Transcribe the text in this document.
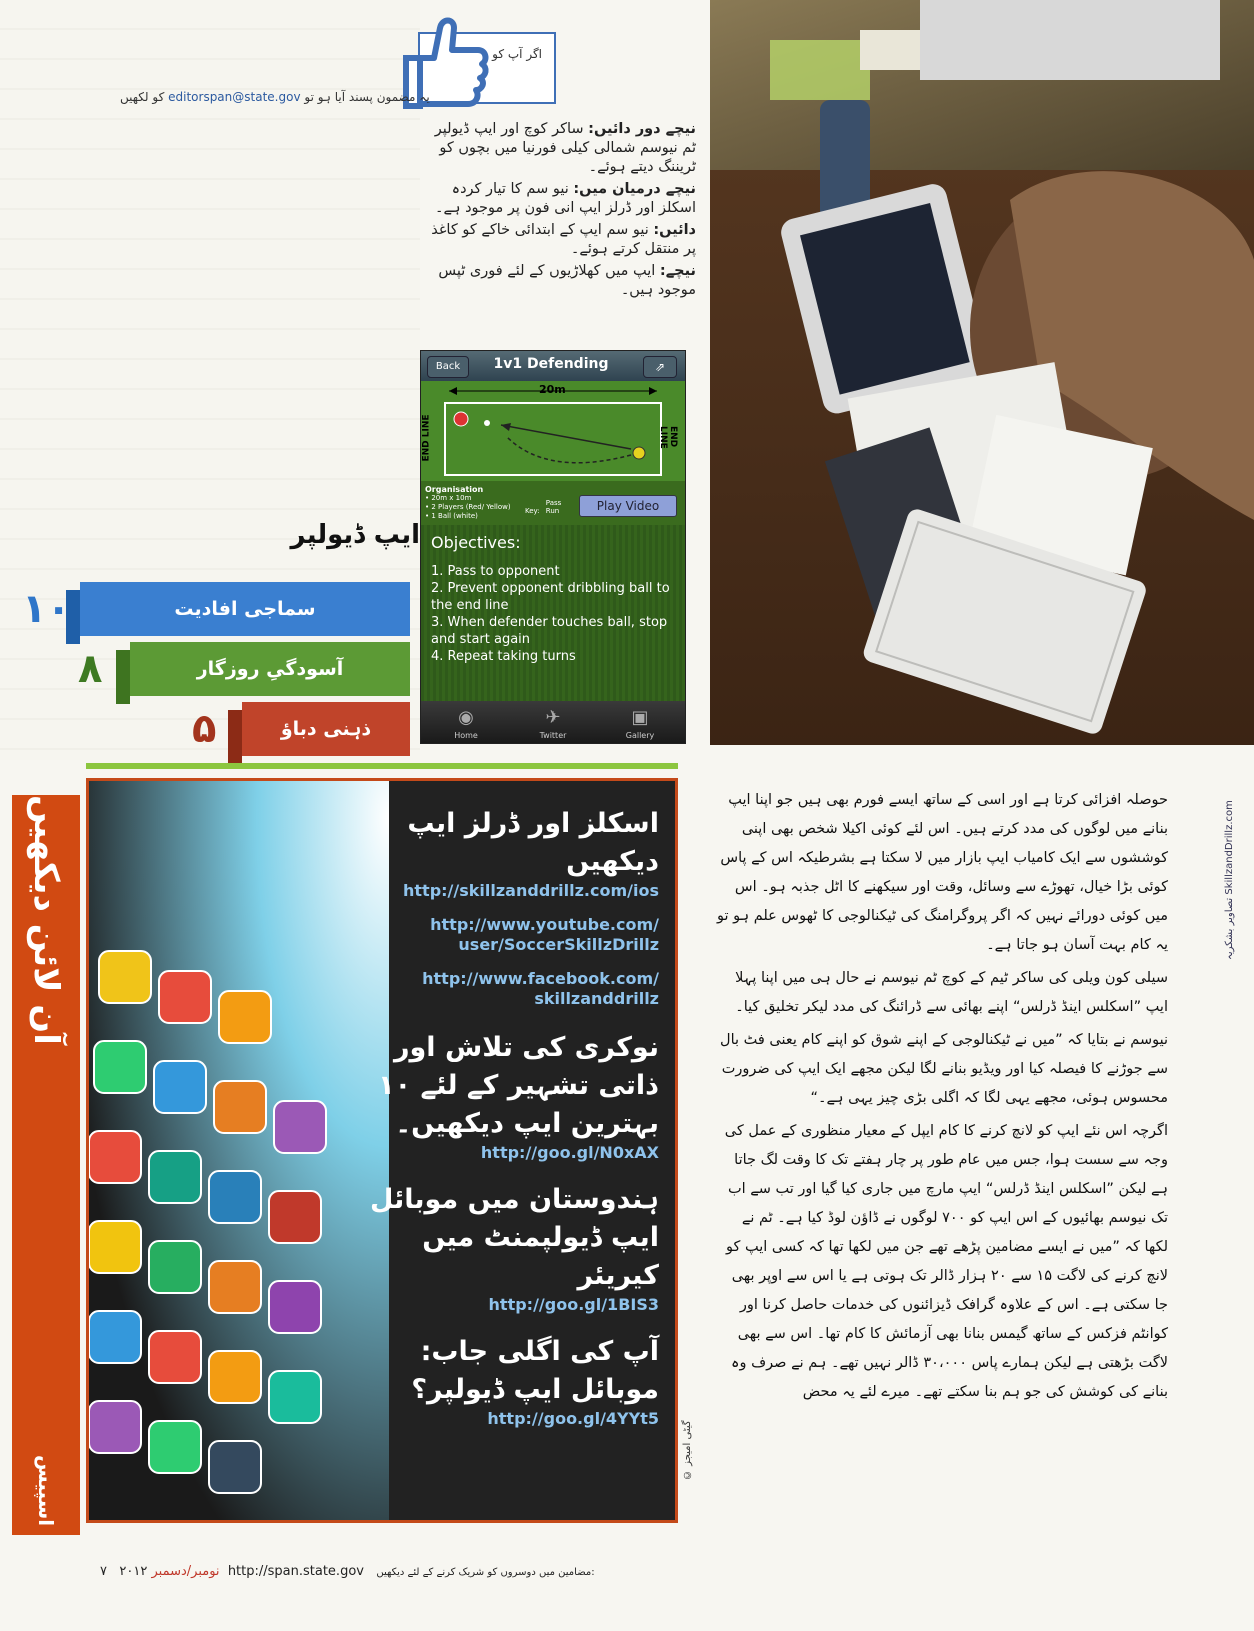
اگر آپ کو
کو لکھیں editorspan@state.gov یہ مضمون پسند آیا ہو تو

نیچے دور دائیں: ساکر کوچ اور ایپ ڈیولپر ٹم نیوسم شمالی کیلی فورنیا میں بچوں کو ٹریننگ دیتے ہوئے۔

نیچے درمیان میں: نیو سم کا تیار کردہ اسکلز اور ڈرلز ایپ انی فون پر موجود ہے۔

دائیں: نیو سم ایپ کے ابتدائی خاکے کو کاغذ پر منتقل کرتے ہوئے۔

نیچے: ایپ میں کھلاڑیوں کے لئے فوری ٹپس موجود ہیں۔

Back	1v1 Defending	⇗
20m
END LINE	END LINE
Organisation
• 20m x 10m
• 2 Players (Red/ Yellow)
• 1 Ball (white)
Key:
Pass
Run	Play Video
Objectives:
1. Pass to opponent
2. Prevent opponent dribbling ball to the end line
3. When defender touches ball, stop and start again
4. Repeat taking turns
◉
Home
✈
Twitter
▣
Gallery
ایپ ڈیولپر
سماجی افادیت
۱۰
آسودگیِ روزگار
۸
ذہنی دباؤ
۵
آن لائن دیکھیں
اسپیس

اسکلز اور ڈرلز ایپ دیکھیں

http://skillzanddrillz.com/ios

http://www.youtube.com/ user/SoccerSkillzDrillz

http://www.facebook.com/ skillzanddrillz

نوکری کی تلاش اور ذاتی تشہیر کے لئے ۱۰ بہترین ایپ دیکھیں۔

http://goo.gl/N0xAX

ہندوستان میں موبائل ایپ ڈیولپمنٹ میں کیریئر

http://goo.gl/1BIS3

آپ کی اگلی جاب: موبائل ایپ ڈیولپر؟

http://goo.gl/4YYt5

حوصلہ افزائی کرتا ہے اور اسی کے ساتھ ایسے فورم بھی ہیں جو اپنا ایپ بنانے میں لوگوں کی مدد کرتے ہیں۔ اس لئے کوئی اکیلا شخص بھی اپنی کوششوں سے ایک کامیاب ایپ بازار میں لا سکتا ہے بشرطیکہ اس کے پاس کوئی بڑا خیال، تھوڑے سے وسائل، وقت اور سیکھنے کا اٹل جذبہ ہو۔ اس میں کوئی دورائے نہیں کہ اگر پروگرامنگ کی ٹیکنالوجی کا ٹھوس علم ہو تو یہ کام بہت آسان ہو جاتا ہے۔

سیلی کون ویلی کی ساکر ٹیم کے کوچ ٹم نیوسم نے حال ہی میں اپنا پہلا ایپ ”اسکلس اینڈ ڈرلس“ اپنے بھائی سے ڈرائنگ کی مدد لیکر تخلیق کیا۔

نیوسم نے بتایا کہ ”میں نے ٹیکنالوجی کے اپنے شوق کو اپنے کام یعنی فٹ بال سے جوڑنے کا فیصلہ کیا اور ویڈیو بنانے لگا لیکن مجھے ایک ایپ کی ضرورت محسوس ہوئی، مجھے یہی لگا کہ اگلی بڑی چیز یہی ہے۔“

اگرچہ اس نئے ایپ کو لانچ کرنے کا کام ایپل کے معیار منظوری کے عمل کی وجہ سے سست ہوا، جس میں عام طور پر چار ہفتے تک کا وقت لگ جاتا ہے لیکن ”اسکلس اینڈ ڈرلس“ ایپ مارچ میں جاری کیا گیا اور تب سے اب تک نیوسم بھائیوں کے اس ایپ کو ۷۰۰ لوگوں نے ڈاؤن لوڈ کیا ہے۔ ٹم نے لکھا کہ ”میں نے ایسے مضامین پڑھے تھے جن میں لکھا تھا کہ کسی ایپ کو لانچ کرنے کی لاگت ۱۵ سے ۲۰ ہزار ڈالر تک ہوتی ہے یا اس سے اوپر بھی جا سکتی ہے۔ اس کے علاوہ گرافک ڈیزائنوں کی خدمات حاصل کرنا اور کوانٹم فزکس کے ساتھ گیمس بنانا بھی آزمائش کا کام تھا۔ اس سے بھی لاگت بڑھتی ہے لیکن ہمارے پاس ۳۰،۰۰۰ ڈالر نہیں تھے۔ ہم نے صرف وہ بنانے کی کوشش کی جو ہم بنا سکتے تھے۔ میرے لئے یہ محض

تصاویر بشکریہ SkillzandDrillz.com
© گیٹی امیجز
۷ ۲۰۱۲ نومبر/دسمبر http://span.state.gov مضامین میں دوسروں کو شریک کرنے کے لئے دیکھیں:
